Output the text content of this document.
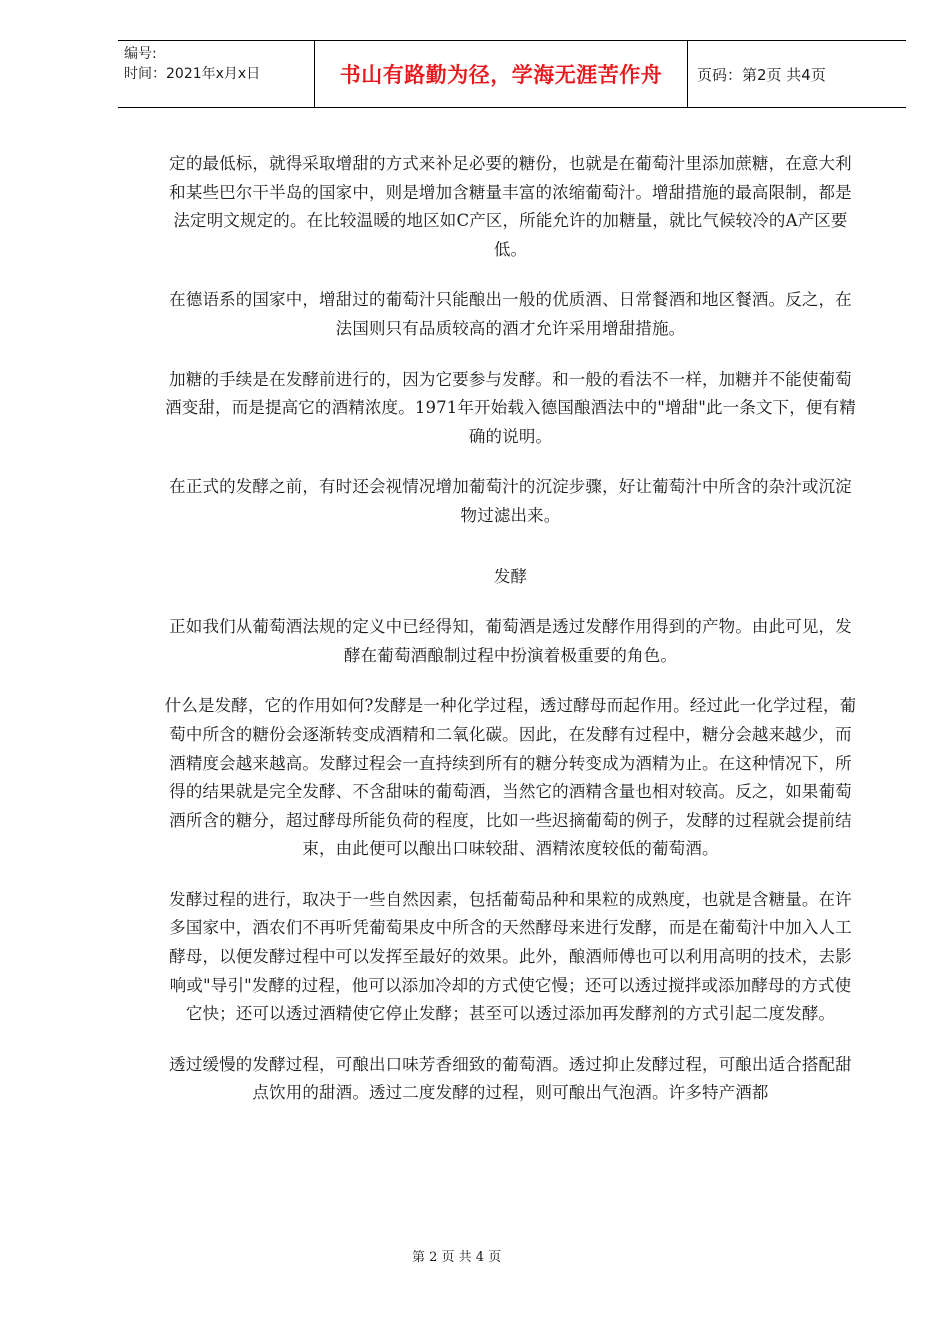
编号:
时间：2021年x月x日	书山有路勤为径，学海无涯苦作舟 页码：第2页 共4页

定的最低标，就得采取增甜的方式来补足必要的糖份，也就是在葡萄汁里添加蔗糖，在意大利和某些巴尔干半岛的国家中，则是增加含糖量丰富的浓缩葡萄汁。增甜措施的最高限制，都是法定明文规定的。在比较温暖的地区如C产区，所能允许的加糖量，就比气候较冷的A产区要低。

在德语系的国家中，增甜过的葡萄汁只能酿出一般的优质酒、日常餐酒和地区餐酒。反之，在法国则只有品质较高的酒才允许采用增甜措施。

加糖的手续是在发酵前进行的，因为它要参与发酵。和一般的看法不一样，加糖并不能使葡萄酒变甜，而是提高它的酒精浓度。1971年开始载入德国酿酒法中的"增甜"此一条文下，便有精确的说明。

在正式的发酵之前，有时还会视情况增加葡萄汁的沉淀步骤，好让葡萄汁中所含的杂汁或沉淀物过滤出来。

发酵

正如我们从葡萄酒法规的定义中已经得知，葡萄酒是透过发酵作用得到的产物。由此可见，发酵在葡萄酒酿制过程中扮演着极重要的角色。

什么是发酵，它的作用如何?发酵是一种化学过程，透过酵母而起作用。经过此一化学过程，葡萄中所含的糖份会逐渐转变成酒精和二氧化碳。因此，在发酵有过程中，糖分会越来越少，而酒精度会越来越高。发酵过程会一直持续到所有的糖分转变成为酒精为止。在这种情况下，所得的结果就是完全发酵、不含甜味的葡萄酒，当然它的酒精含量也相对较高。反之，如果葡萄酒所含的糖分，超过酵母所能负荷的程度，比如一些迟摘葡萄的例子，发酵的过程就会提前结束，由此便可以酿出口味较甜、酒精浓度较低的葡萄酒。

发酵过程的进行，取决于一些自然因素，包括葡萄品种和果粒的成熟度，也就是含糖量。在许多国家中，酒农们不再听凭葡萄果皮中所含的天然酵母来进行发酵，而是在葡萄汁中加入人工酵母，以便发酵过程中可以发挥至最好的效果。此外，酿酒师傅也可以利用高明的技术，去影响或"导引"发酵的过程，他可以添加冷却的方式使它慢；还可以透过搅拌或添加酵母的方式使它快；还可以透过酒精使它停止发酵；甚至可以透过添加再发酵剂的方式引起二度发酵。

透过缓慢的发酵过程，可酿出口味芳香细致的葡萄酒。透过抑止发酵过程，可酿出适合搭配甜点饮用的甜酒。透过二度发酵的过程，则可酿出气泡酒。许多特产酒都

第 2 页 共 4 页
